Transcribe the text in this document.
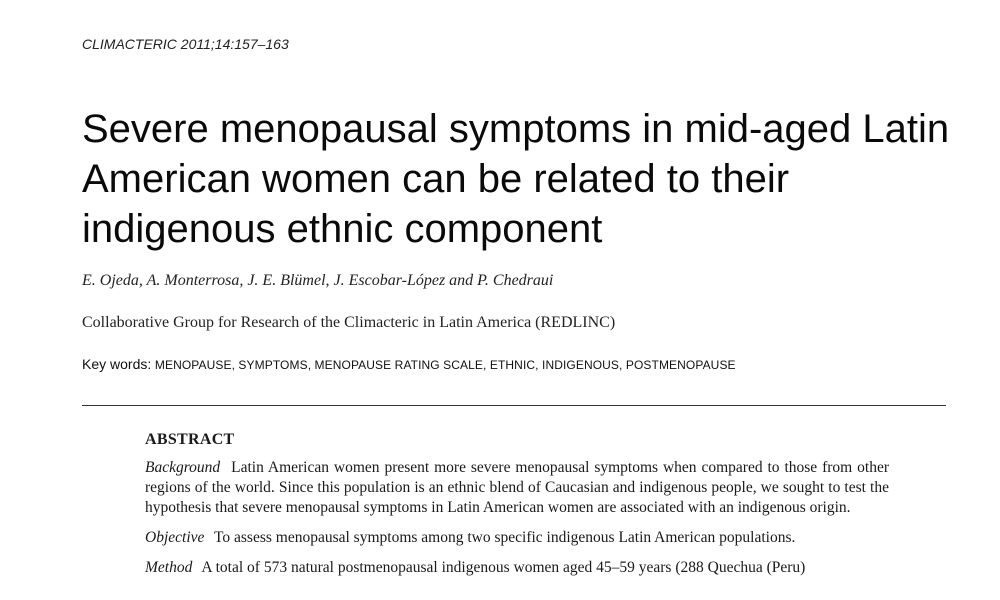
CLIMACTERIC 2011;14:157–163
Severe menopausal symptoms in mid-aged Latin
American women can be related to their
indigenous ethnic component
E. Ojeda, A. Monterrosa, J. E. Blümel, J. Escobar-López and P. Chedraui
Collaborative Group for Research of the Climacteric in Latin America (REDLINC)
Key words: MENOPAUSE, SYMPTOMS, MENOPAUSE RATING SCALE, ETHNIC, INDIGENOUS, POSTMENOPAUSE
ABSTRACT

Background Latin American women present more severe menopausal symptoms when compared to those from other regions of the world. Since this population is an ethnic blend of Caucasian and indigenous people, we sought to test the hypothesis that severe menopausal symptoms in Latin American women are associated with an indigenous origin.

Objective To assess menopausal symptoms among two specific indigenous Latin American populations.

Method A total of 573 natural postmenopausal indigenous women aged 45–59 years (288 Quechua (Peru)
